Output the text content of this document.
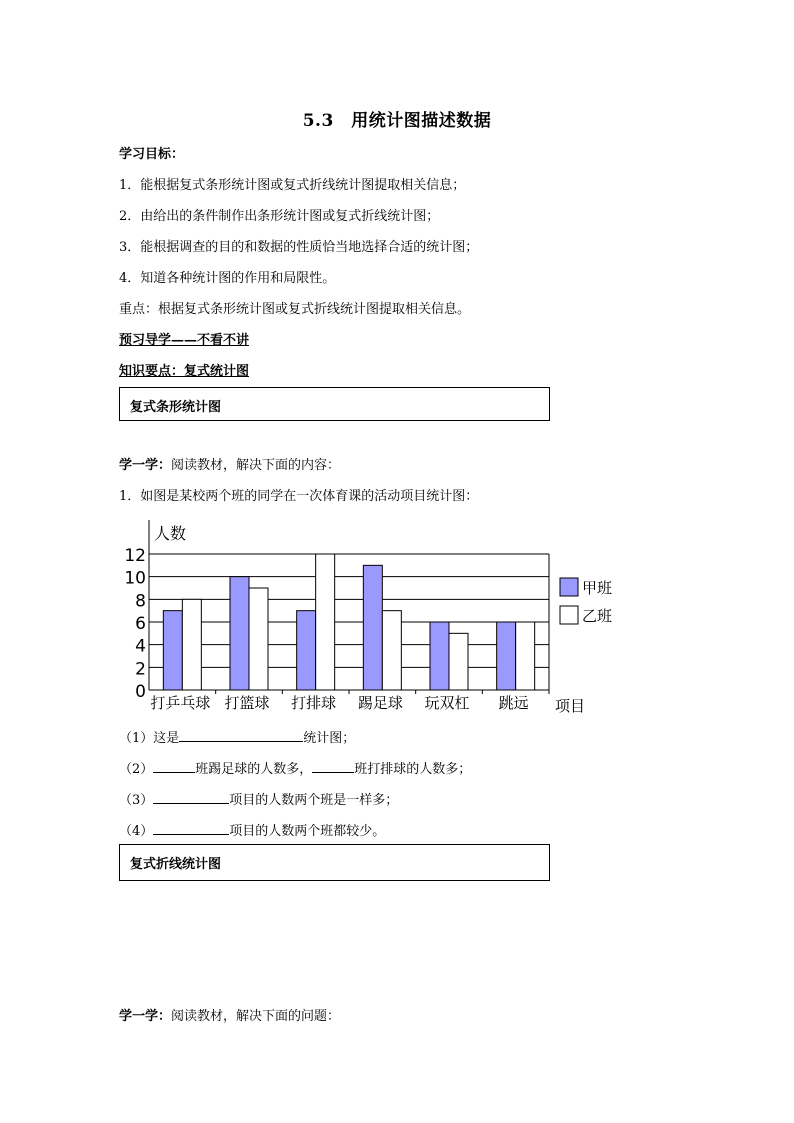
5.3　用统计图描述数据
学习目标：
1．能根据复式条形统计图或复式折线统计图提取相关信息；
2．由给出的条件制作出条形统计图或复式折线统计图；
3．能根据调查的目的和数据的性质恰当地选择合适的统计图；
4．知道各种统计图的作用和局限性。
重点：根据复式条形统计图或复式折线统计图提取相关信息。
预习导学——不看不讲
知识要点：复式统计图
复式条形统计图
学一学：阅读教材，解决下面的内容：
1．如图是某校两个班的同学在一次体育课的活动项目统计图：
0
2
4
6
8
10
12
人数
项目
打乒乓球 打篮球 打排球 踢足球 玩双杠 跳远
甲班
乙班
（1）这是	统计图；
（2）	班踢足球的人数多，	班打排球的人数多；
（3）	项目的人数两个班是一样多；
（4）	项目的人数两个班都较少。
复式折线统计图
学一学：阅读教材，解决下面的问题：
